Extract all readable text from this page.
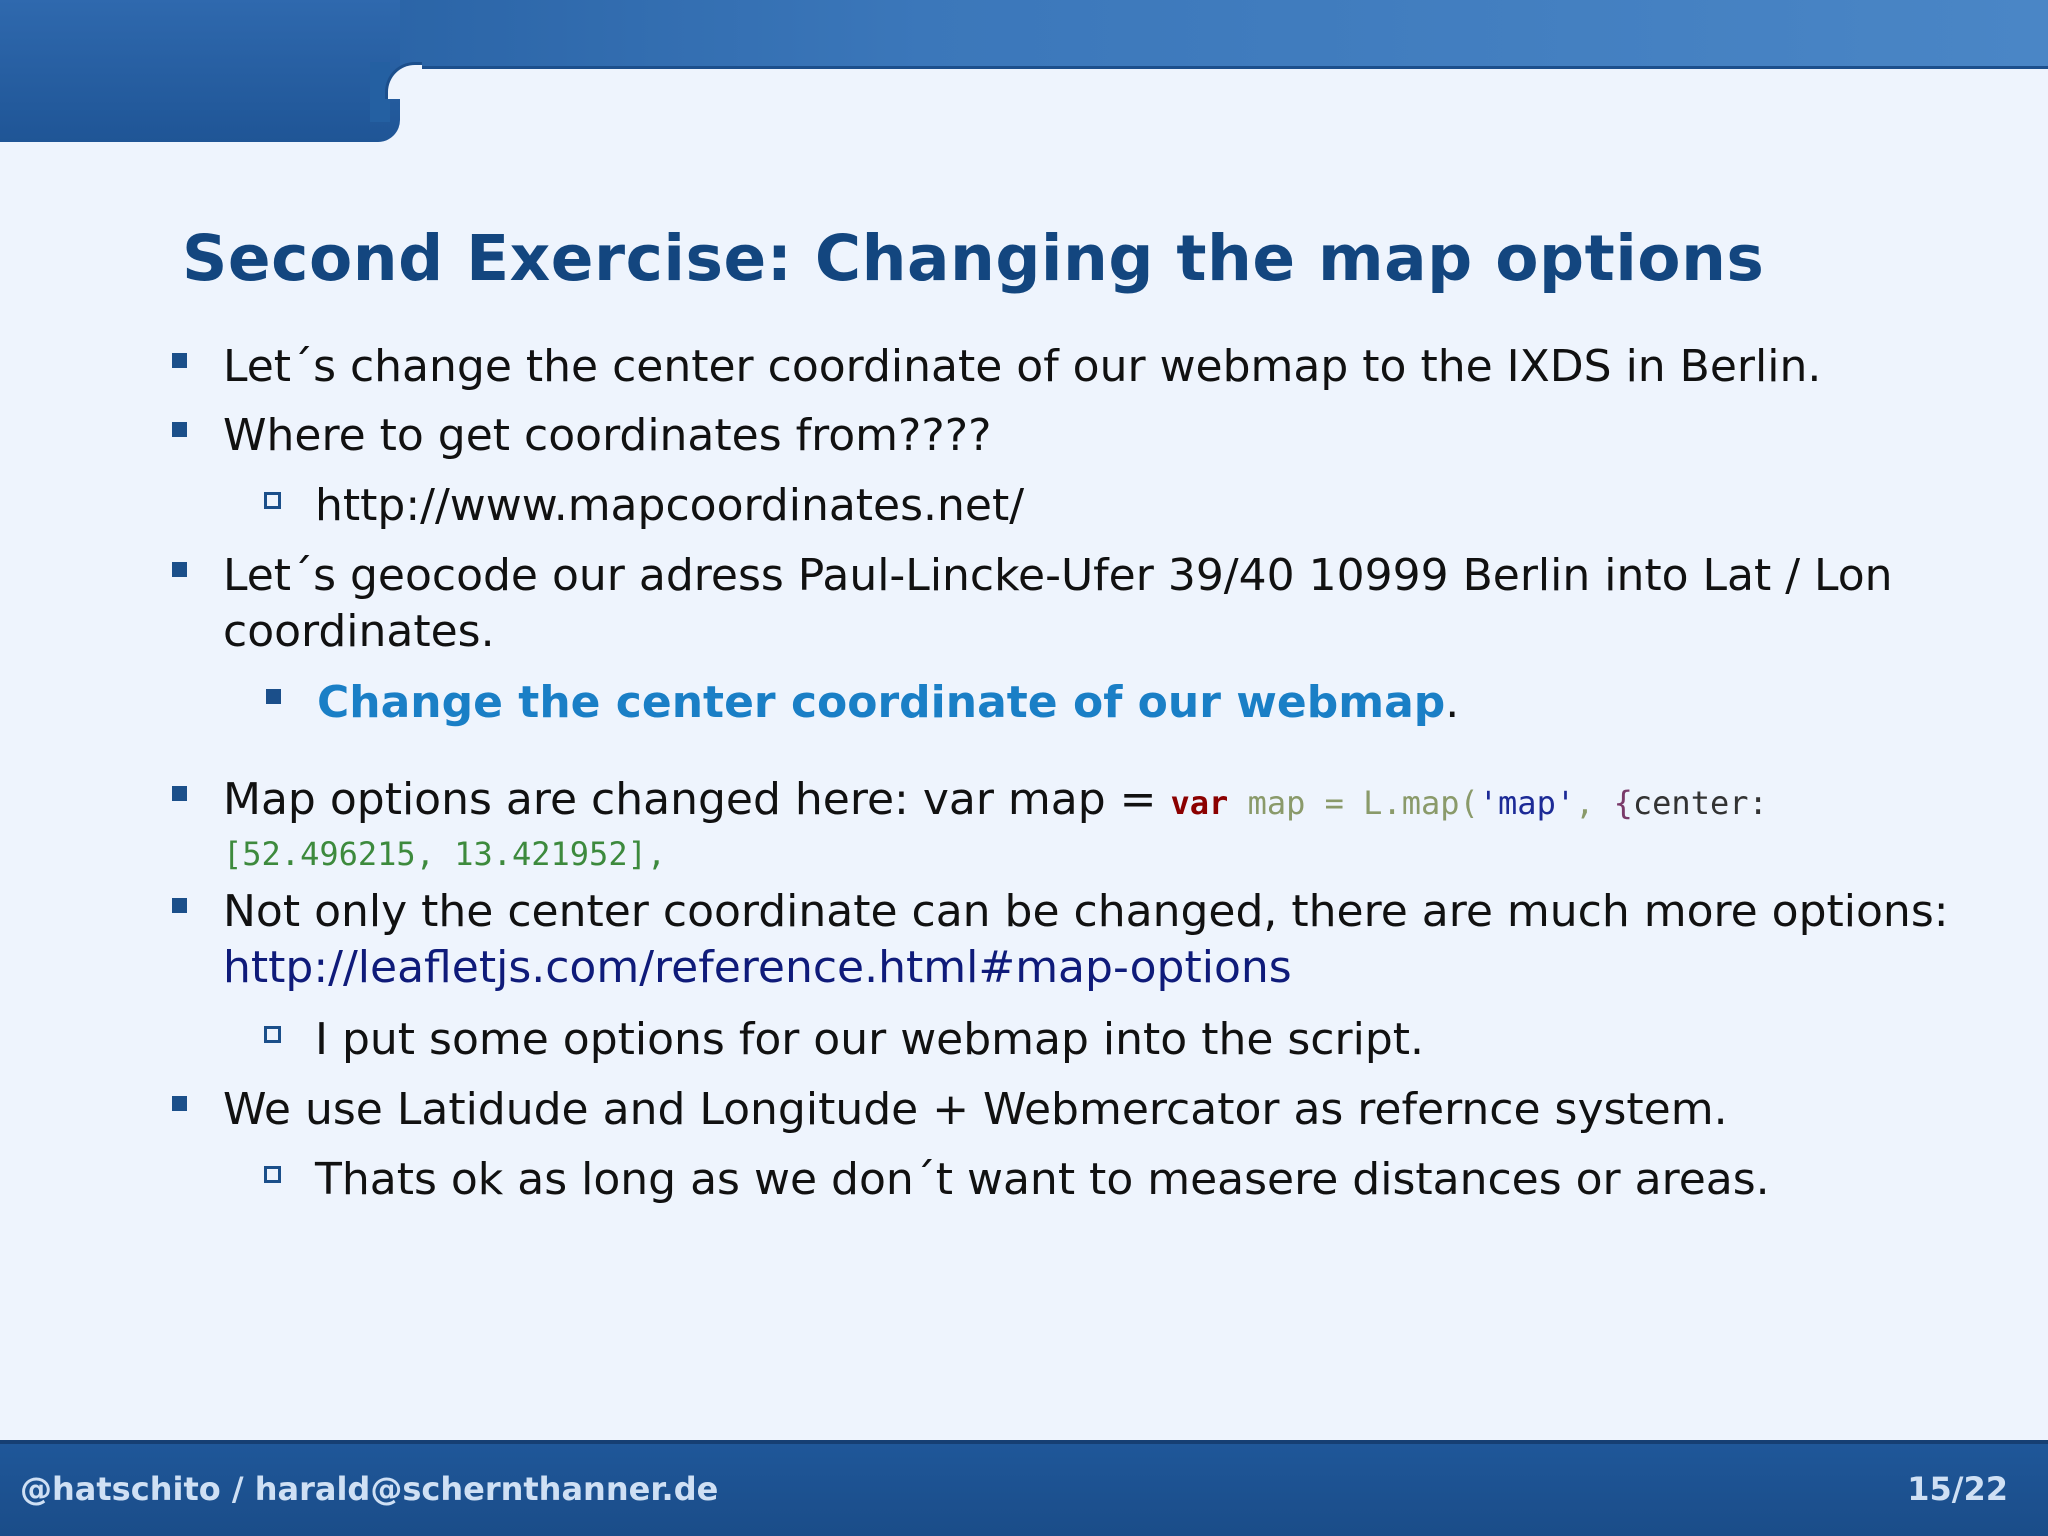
Second Exercise: Changing the map options
Let´s change the center coordinate of our webmap to the IXDS in Berlin.
Where to get coordinates from????
http://www.mapcoordinates.net/
Let´s geocode our adress Paul-Lincke-Ufer 39/40 10999 Berlin into Lat / Lon
coordinates.
Change the center coordinate of our webmap.
Map options are changed here: var map = var map = L.map('map', {center:
[52.496215, 13.421952],
Not only the center coordinate can be changed, there are much more options:
http://leafletjs.com/reference.html#map-options
I put some options for our webmap into the script.
We use Latidude and Longitude + Webmercator as refernce system.
Thats ok as long as we don´t want to measere distances or areas.
@hatschito / harald@schernthanner.de	15/22
